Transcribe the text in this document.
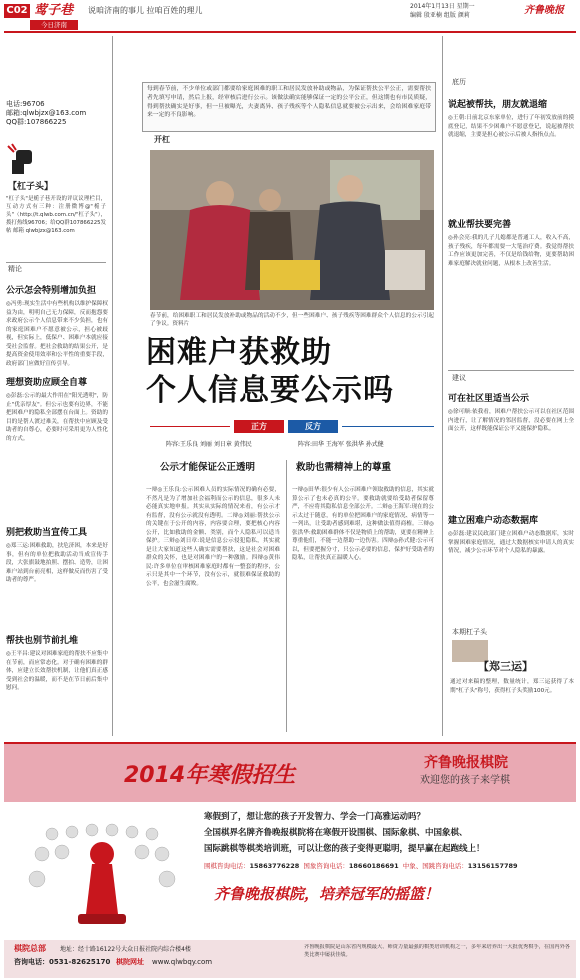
C02 莺子巷 说咱济南的事儿 拉咱百姓的理儿	2014年1月13日 星期一
编辑 殷亚楠 组版 颜莉	齐鲁晚报
今日济南
电话:96706
邮箱:qlwbjzx@163.com
QQ群:107866225
【杠子头】
"杠子头"是栀子巷开设的评议议理栏目，互动方式有三种：注册微博@"栀子头"（http://t.qlwb.com.cn/"杠子头"），拨打热线96706；给QQ群107866225发帖 邮箱 qlwbjzx@163.com
精论
公示怎会特别增加负担
◎冯勇:现实生活中有些机构以维护保障权益为由，明明自己无力保障，反而抱怨要求政府公示个人信息带来不少负担，也有的家庭困难户不愿意被公示，担心被歧视，但实际上，低保户、困难户本就应接受社会监督。把社会救助的结果公开，是提高资金使用效率和公平性的重要手段，政府部门应做好宣传引导。
理想资助应顾全自尊
◎彭磊:公示的最大作用在"阳光透明"，防止"优亲厚友"。但公示也要有边界，不能把困难户的隐私全部摆在台面上。资助的目的是帮人渡过难关，在帮扶中应顾及受助者的自尊心，必要时可采用更为人性化的方式。
别把救助当宣传工具
◎郑三运:困难救助，扶危济困，本来是好事，但有的单位把救助活动当成宣传手段，大张旗鼓地拍照、摆拍、造势，让困难户站到台前亮相，这样做反而伤害了受助者的尊严。
帮扶也别节前扎堆
◎王平昌:建议对困难家庭的帮扶不应集中在节前，而应常态化。对于确有困难的群体，应建立长效帮扶机制，让他们真正感受到社会的温暖，而不是在节日前后集中慰问。
每到春节前，不少单位或部门都要给家庭困难的职工和居民发放补助或物品，为保证帮扶公平公正，需要帮扶者先填写申请，然后上报，经审核后进行公示。该做法确实能够保证一定的公平公正，但这期也有市民质疑，得到帮扶确实是好事，但一旦被曝光，夫妻离异、孩子残疾等个人隐私信息就要被公示出来，会给困难家庭带来一定的不良影响。
开杠
春节前，给困难职工和居民发放补助或物品的活动不少，但一些困难户、孩子残疾等困难群众个人信息的公示引起了争议。资料片
困难户获救助
个人信息要公示吗
正方	反方
阵容:王乐良 刘丽 刘日章 黄伟民	阵容:田华 王海军 张洪华 孙式健
公示才能保证公正透明	救助也需精神上的尊重
一辩◎王乐良:公示困难人员的实际情况的确有必要，不然凡是为了增加社会福利而公示的信息，很多人未必能真实地申报。其实从实际的情况来看，有公示才有监督，没有公示就没有透明。二辩◎刘丽:帮扶公示的关键在于公开的内容，内容要合理，要把核心内容公开，比如救助的金额、类别，而个人隐私可以适当保护。三辩◎刘日章:说是信息公示侵犯隐私，其实就是让大家知道这些人确实需要帮扶，这是社会对困难群众的关怀，也是对困难户的一种激励。四辩◎黄伟民:许多单位在审核困难家庭时都有一整套的程序，公示只是其中一个环节，没有公示，就很难保证救助的公平，也会滋生腐败。
一辩◎田华:很少有人公示困难户领取救助的信息，其实就算公示了也未必真的公平。要救助就要给受助者保留尊严，不应将其隐私信息全部公开。二辩◎王海军:现在的公示太过于随意，有的单位把困难户的家庭情况、病情等一一列出，让受助者感到难堪，这种做法值得商榷。三辩◎张洪华:救助困难群体不仅是物质上的帮助，更要在精神上尊重他们，不能一边帮助一边伤害。四辩◎孙式健:公示可以，但要把握分寸，只公示必要的信息，保护好受助者的隐私，让帮扶真正温暖人心。
底历
说起被帮扶，朋友就退缩
◎王朝:日前北京东家单位，进行了年初发放前的摸底登记，结果不少困难户不愿意登记，说起被帮扶就退缩，主要是担心被公示后被人指指点点。
就业帮扶要完善
◎孙会亮:我的儿子儿媳都是普通工人，收入不高，孩子残疾，每年都需要一大笔治疗费。我觉得帮扶工作应该更加完善，不仅是给钱给物，更要帮助困难家庭解决就业问题，从根本上改善生活。
建议
可在社区里适当公示
◎徐可顺:依我看，困难户帮扶公示可以在社区范围内进行，让了解情况的邻居监督，没必要在网上全面公开，这样既能保证公平又能保护隐私。
建立困难户动态数据库
◎彭磊:建议民政部门建立困难户动态数据库，实时掌握困难家庭情况，通过大数据核实申请人的真实情况，减少公示环节对个人隐私的暴露。
本期杠子头
【郑三运】
通过对来稿的整理，数量统计，郑三运获得了本期"杠子头"称号，获得杠子头奖励100元。
2014年寒假招生	齐鲁晚报棋院
欢迎您的孩子来学棋
寒假到了，想让您的孩子开发智力、学会一门高雅运动吗？
全国棋界名牌齐鲁晚报棋院将在寒假开设围棋、国际象棋、中国象棋、
国际跳棋等棋类培训班，可以让您的孩子变得更聪明，提早赢在起跑线上！
围棋咨询电话：15863776228 国象咨询电话：18660186691 中象、国跳咨询电话：13156157789
齐鲁晚报棋院，培养冠军的摇篮！
棋院总部 地址：经十路16122号大众日报社院内综合楼4楼
咨询电话：0531-82625170 棋院网址 www.qlwbqy.com
齐鲁晚报棋院是山东省内规模最大、师资力量最强的棋类培训机构之一，多年来培养出一大批优秀棋手，在国内外各类比赛中屡获佳绩。
